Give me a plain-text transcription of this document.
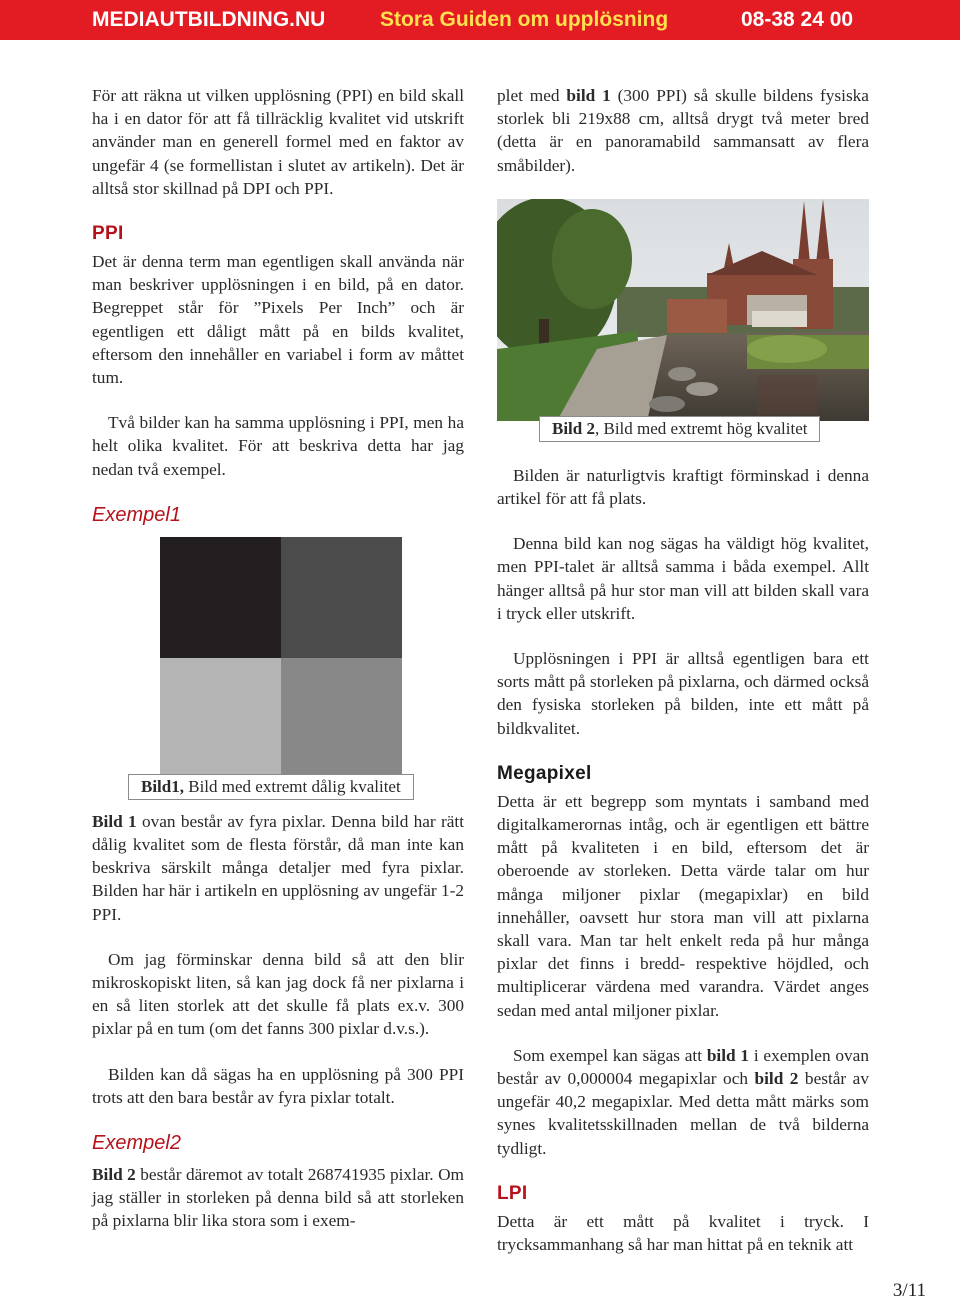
MEDIAUTBILDNING.NU	Stora Guiden om upplösning	08-38 24 00

För att räkna ut vilken upplösning (PPI) en bild skall ha i en dator för att få tillräcklig kvalitet vid utskrift använder man en generell formel med en faktor av ungefär 4 (se formellistan i slutet av artikeln). Det är alltså stor skillnad på DPI och PPI.

PPI

Det är denna term man egentligen skall använda när man beskriver upplösningen i en bild, på en dator. Begreppet står för ”Pixels Per Inch” och är egentligen ett dåligt mått på en bilds kvalitet, eftersom den innehåller en variabel i form av måttet tum.

Två bilder kan ha samma upplösning i PPI, men ha helt olika kvalitet. För att beskriva detta har jag nedan två exempel.

Exempel1
Bild1, Bild med extremt dålig kvalitet

Bild 1 ovan består av fyra pixlar. Denna bild har rätt dålig kvalitet som de flesta förstår, då man inte kan beskriva särskilt många detaljer med fyra pixlar. Bilden har här i artikeln en upplösning av ungefär 1-2 PPI.

Om jag förminskar denna bild så att den blir mikroskopiskt liten, så kan jag dock få ner pixlarna i en så liten storlek att det skulle få plats ex.v. 300 pixlar på en tum (om det fanns 300 pixlar d.v.s.).

Bilden kan då sägas ha en upplösning på 300 PPI trots att den bara består av fyra pixlar totalt.

Exempel2

Bild 2 består däremot av totalt 268741935 pixlar. Om jag ställer in storleken på denna bild så att storleken på pixlarna blir lika stora som i exem-

plet med bild 1 (300 PPI) så skulle bildens fysiska storlek bli 219x88 cm, alltså drygt två meter bred (detta är en panoramabild sammansatt av flera småbilder).

Bild 2, Bild med extremt hög kvalitet

Bilden är naturligtvis kraftigt förminskad i denna artikel för att få plats.

Denna bild kan nog sägas ha väldigt hög kvalitet, men PPI-talet är alltså samma i båda exempel. Allt hänger alltså på hur stor man vill att bilden skall vara i tryck eller utskrift.

Upplösningen i PPI är alltså egentligen bara ett sorts mått på storleken på pixlarna, och därmed också den fysiska storleken på bilden, inte ett mått på bildkvalitet.

Megapixel

Detta är ett begrepp som myntats i samband med digitalkamerornas intåg, och är egentligen ett bättre mått på kvaliteten i en bild, eftersom det är oberoende av storleken. Detta värde talar om hur många miljoner pixlar (megapixlar) en bild innehåller, oavsett hur stora man vill att pixlarna skall vara. Man tar helt enkelt reda på hur många pixlar det finns i bredd- respektive höjdled, och multiplicerar värdena med varandra. Värdet anges sedan med antal miljoner pixlar.

Som exempel kan sägas att bild 1 i exemplen ovan består av 0,000004 megapixlar och bild 2 består av ungefär 40,2 megapixlar. Med detta mått märks som synes kvalitetsskillnaden mellan de två bilderna tydligt.

LPI

Detta är ett mått på kvalitet i tryck. I trycksammanhang så har man hittat på en teknik att

3/11
